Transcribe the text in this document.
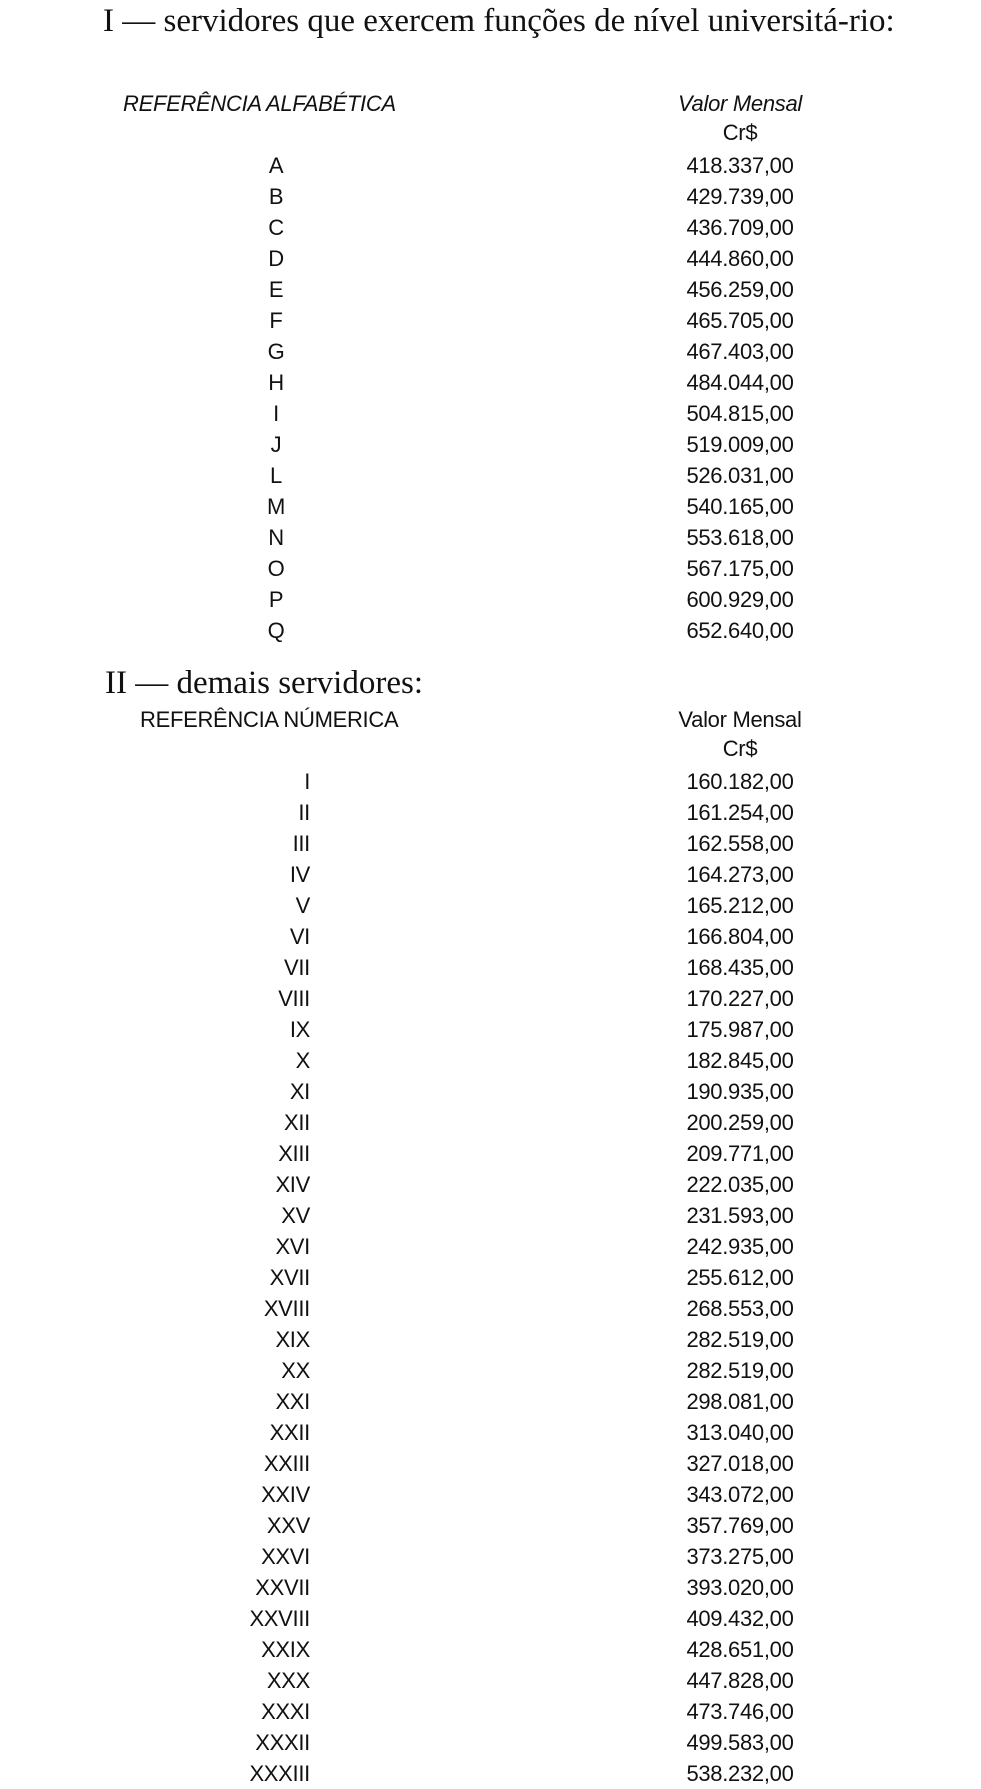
I — servidores que exercem funções de nível universitá-rio:
REFERÊNCIA ALFABÉTICA	Valor Mensal
Cr$
A	418.337,00
B	429.739,00
C	436.709,00
D	444.860,00
E	456.259,00
F	465.705,00
G	467.403,00
H	484.044,00
I	504.815,00
J	519.009,00
L	526.031,00
M	540.165,00
N	553.618,00
O	567.175,00
P	600.929,00
Q	652.640,00
II — demais servidores:
REFERÊNCIA NÚMERICA	Valor Mensal
Cr$
I	160.182,00
II	161.254,00
III	162.558,00
IV	164.273,00
V	165.212,00
VI	166.804,00
VII	168.435,00
VIII	170.227,00
IX	175.987,00
X	182.845,00
XI	190.935,00
XII	200.259,00
XIII	209.771,00
XIV	222.035,00
XV	231.593,00
XVI	242.935,00
XVII	255.612,00
XVIII	268.553,00
XIX	282.519,00
XX	282.519,00
XXI	298.081,00
XXII	313.040,00
XXIII	327.018,00
XXIV	343.072,00
XXV	357.769,00
XXVI	373.275,00
XXVII	393.020,00
XXVIII	409.432,00
XXIX	428.651,00
XXX	447.828,00
XXXI	473.746,00
XXXII	499.583,00
XXXIII	538.232,00
